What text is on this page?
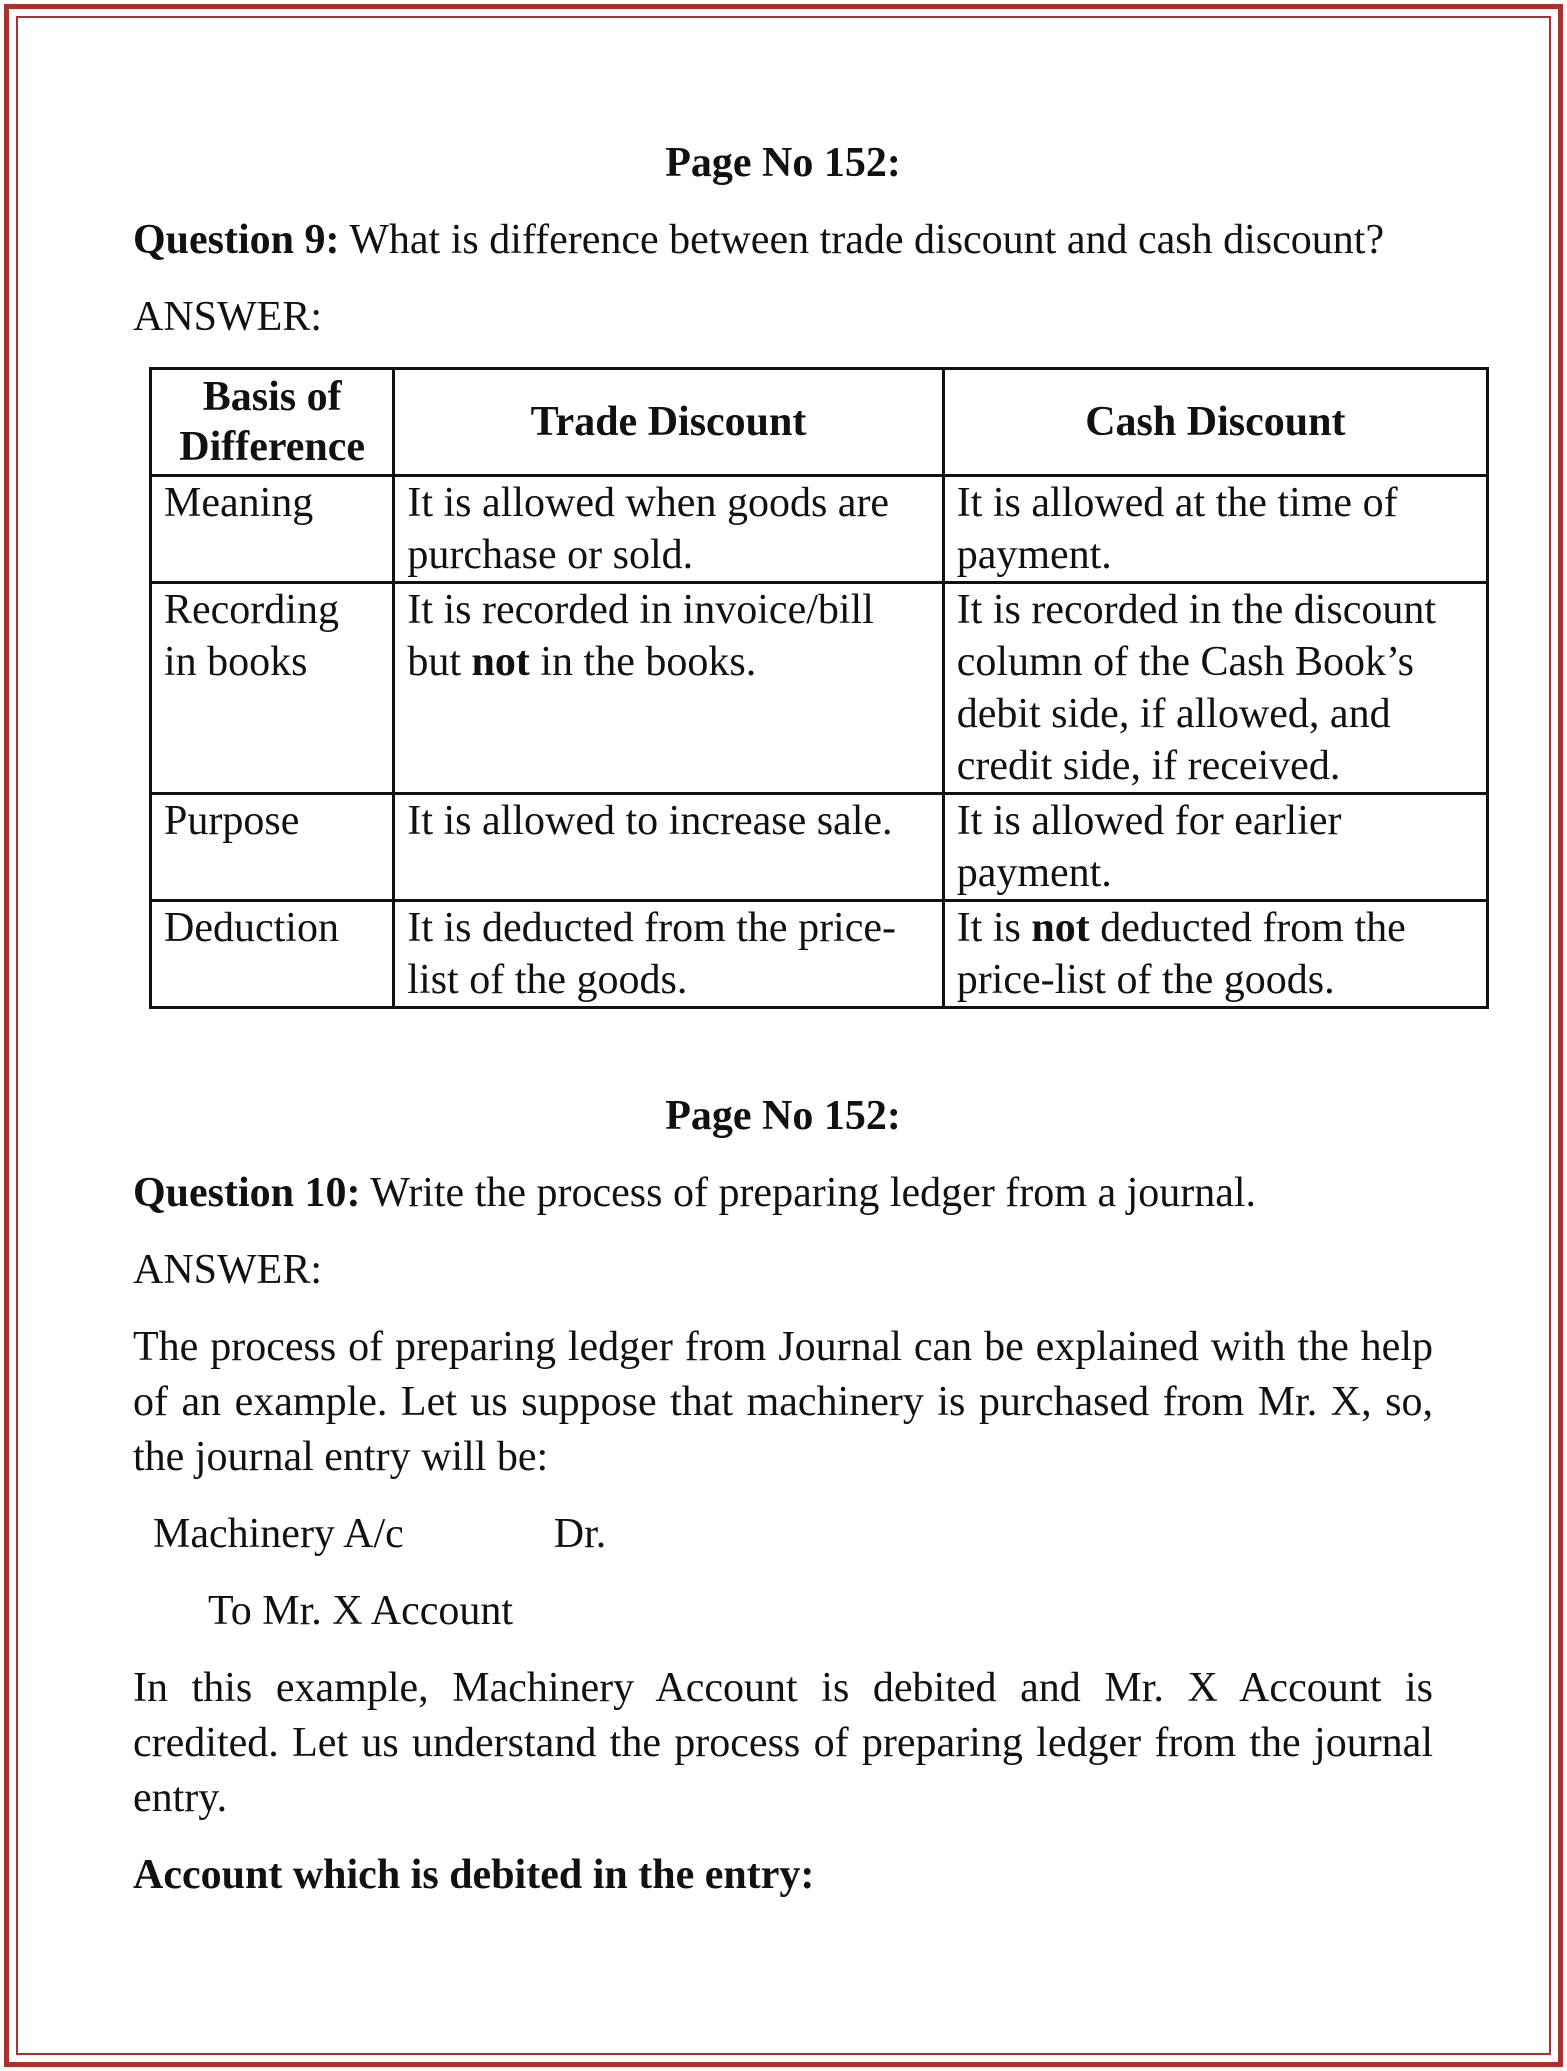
Page No 152:

Question 9: What is difference between trade discount and cash discount?

ANSWER:

Basis of Difference	Trade Discount	Cash Discount
Meaning	It is allowed when goods are purchase or sold.	It is allowed at the time of payment.
Recording in books	It is recorded in invoice/bill but not in the books.	It is recorded in the discount column of the Cash Book’s debit side, if allowed, and credit side, if received.
Purpose	It is allowed to increase sale.	It is allowed for earlier payment.
Deduction	It is deducted from the price-list of the goods.	It is not deducted from the price-list of the goods.

Page No 152:

Question 10: Write the process of preparing ledger from a journal.

ANSWER:

The process of preparing ledger from Journal can be explained with the help of an example. Let us suppose that machinery is purchased from Mr. X, so, the journal entry will be:

Machinery A/c	Dr.

To Mr. X Account

In this example, Machinery Account is debited and Mr. X Account is credited. Let us understand the process of preparing ledger from the journal entry.

Account which is debited in the entry:
